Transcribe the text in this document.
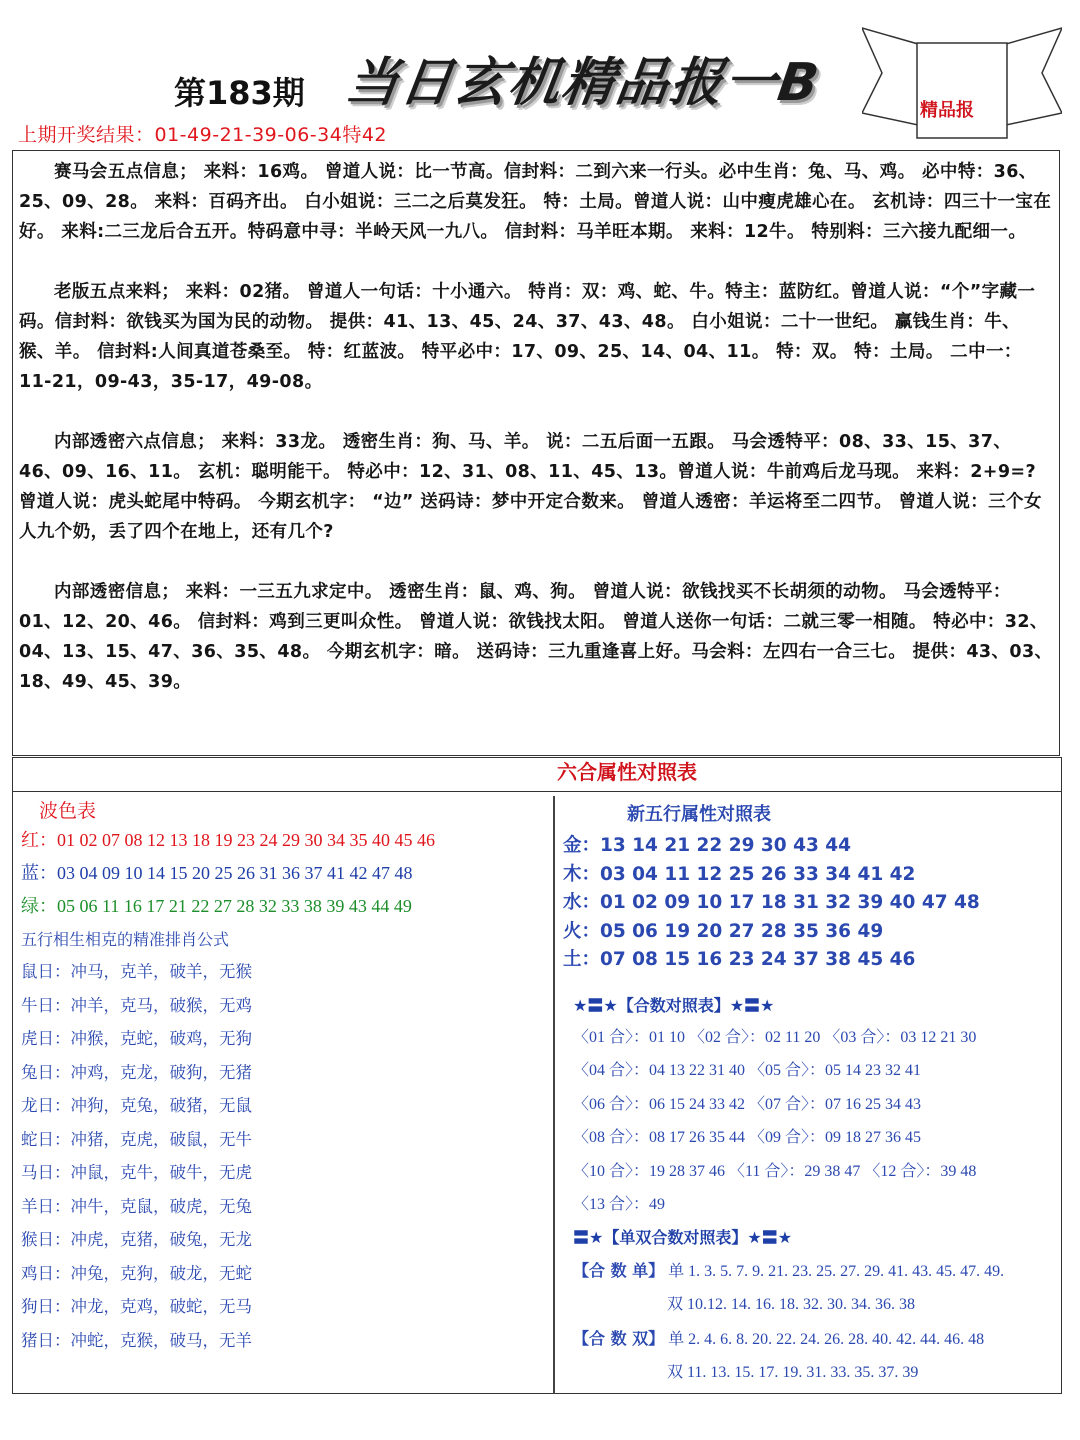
第183期 当日玄机精品报一B	精品报
上期开奖结果：01-49-21-39-06-34特42

赛马会五点信息； 来料：16鸡。 曾道人说：比一节高。信封料：二到六来一行头。必中生肖：兔、马、鸡。 必中特：36、25、09、28。 来料：百码齐出。 白小姐说：三二之后莫发狂。 特：土局。曾道人说：山中瘦虎雄心在。 玄机诗：四三十一宝在好。 来料:二三龙后合五开。特码意中寻：半岭天风一九八。 信封料：马羊旺本期。 来料：12牛。 特别料：三六接九配细一。

老版五点来料； 来料：02猪。 曾道人一句话：十小通六。 特肖：双：鸡、蛇、牛。特主：蓝防红。曾道人说：“个”字藏一码。信封料：欲钱买为国为民的动物。 提供：41、13、45、24、37、43、48。 白小姐说：二十一世纪。 赢钱生肖：牛、猴、羊。 信封料:人间真道苍桑至。 特：红蓝波。 特平必中：17、09、25、14、04、11。 特：双。 特：土局。 二中一：11-21，09-43，35-17，49-08。

内部透密六点信息； 来料：33龙。 透密生肖：狗、马、羊。 说：二五后面一五跟。 马会透特平：08、33、15、37、46、09、16、11。 玄机：聪明能干。 特必中：12、31、08、11、45、13。曾道人说：牛前鸡后龙马现。 来料：2+9=? 曾道人说：虎头蛇尾中特码。 今期玄机字： “边” 送码诗：梦中开定合数来。 曾道人透密：羊运将至二四节。 曾道人说：三个女人九个奶，丢了四个在地上，还有几个?

内部透密信息； 来料：一三五九求定中。 透密生肖：鼠、鸡、狗。 曾道人说：欲钱找买不长胡须的动物。 马会透特平：01、12、20、46。 信封料：鸡到三更叫众性。 曾道人说：欲钱找太阳。 曾道人送你一句话：二就三零一相随。 特必中：32、04、13、15、47、36、35、48。 今期玄机字：暗。 送码诗：三九重逢喜上好。马会料：左四右一合三七。 提供：43、03、18、49、45、39。

六合属性对照表
波色表
红：01 02 07 08 12 13 18 19 23 24 29 30 34 35 40 45 46
蓝：03 04 09 10 14 15 20 25 26 31 36 37 41 42 47 48
绿：05 06 11 16 17 21 22 27 28 32 33 38 39 43 44 49
五行相生相克的精准排肖公式
鼠日：冲马，克羊，破羊，无猴
牛日：冲羊，克马，破猴，无鸡
虎日：冲猴，克蛇，破鸡，无狗
兔日：冲鸡，克龙，破狗，无猪
龙日：冲狗，克兔，破猪，无鼠
蛇日：冲猪，克虎，破鼠，无牛
马日：冲鼠，克牛，破牛，无虎
羊日：冲牛，克鼠，破虎，无兔
猴日：冲虎，克猪，破兔，无龙
鸡日：冲兔，克狗，破龙，无蛇
狗日：冲龙，克鸡，破蛇，无马
猪日：冲蛇，克猴，破马，无羊
新五行属性对照表
金：13 14 21 22 29 30 43 44
木：03 04 11 12 25 26 33 34 41 42
水：01 02 09 10 17 18 31 32 39 40 47 48
火：05 06 19 20 27 28 35 36 49
土：07 08 15 16 23 24 37 38 45 46
★〓★【合数对照表】★〓★
〈01 合〉：01 10 〈02 合〉：02 11 20 〈03 合〉：03 12 21 30
〈04 合〉：04 13 22 31 40 〈05 合〉：05 14 23 32 41
〈06 合〉：06 15 24 33 42 〈07 合〉：07 16 25 34 43
〈08 合〉：08 17 26 35 44 〈09 合〉：09 18 27 36 45
〈10 合〉：19 28 37 46 〈11 合〉：29 38 47 〈12 合〉：39 48
〈13 合〉：49
〓★【单双合数对照表】★〓★
【合 数 单】 单 1. 3. 5. 7. 9. 21. 23. 25. 27. 29. 41. 43. 45. 47. 49.
双 10.12. 14. 16. 18. 32. 30. 34. 36. 38
【合 数 双】 单 2. 4. 6. 8. 20. 22. 24. 26. 28. 40. 42. 44. 46. 48
双 11. 13. 15. 17. 19. 31. 33. 35. 37. 39
